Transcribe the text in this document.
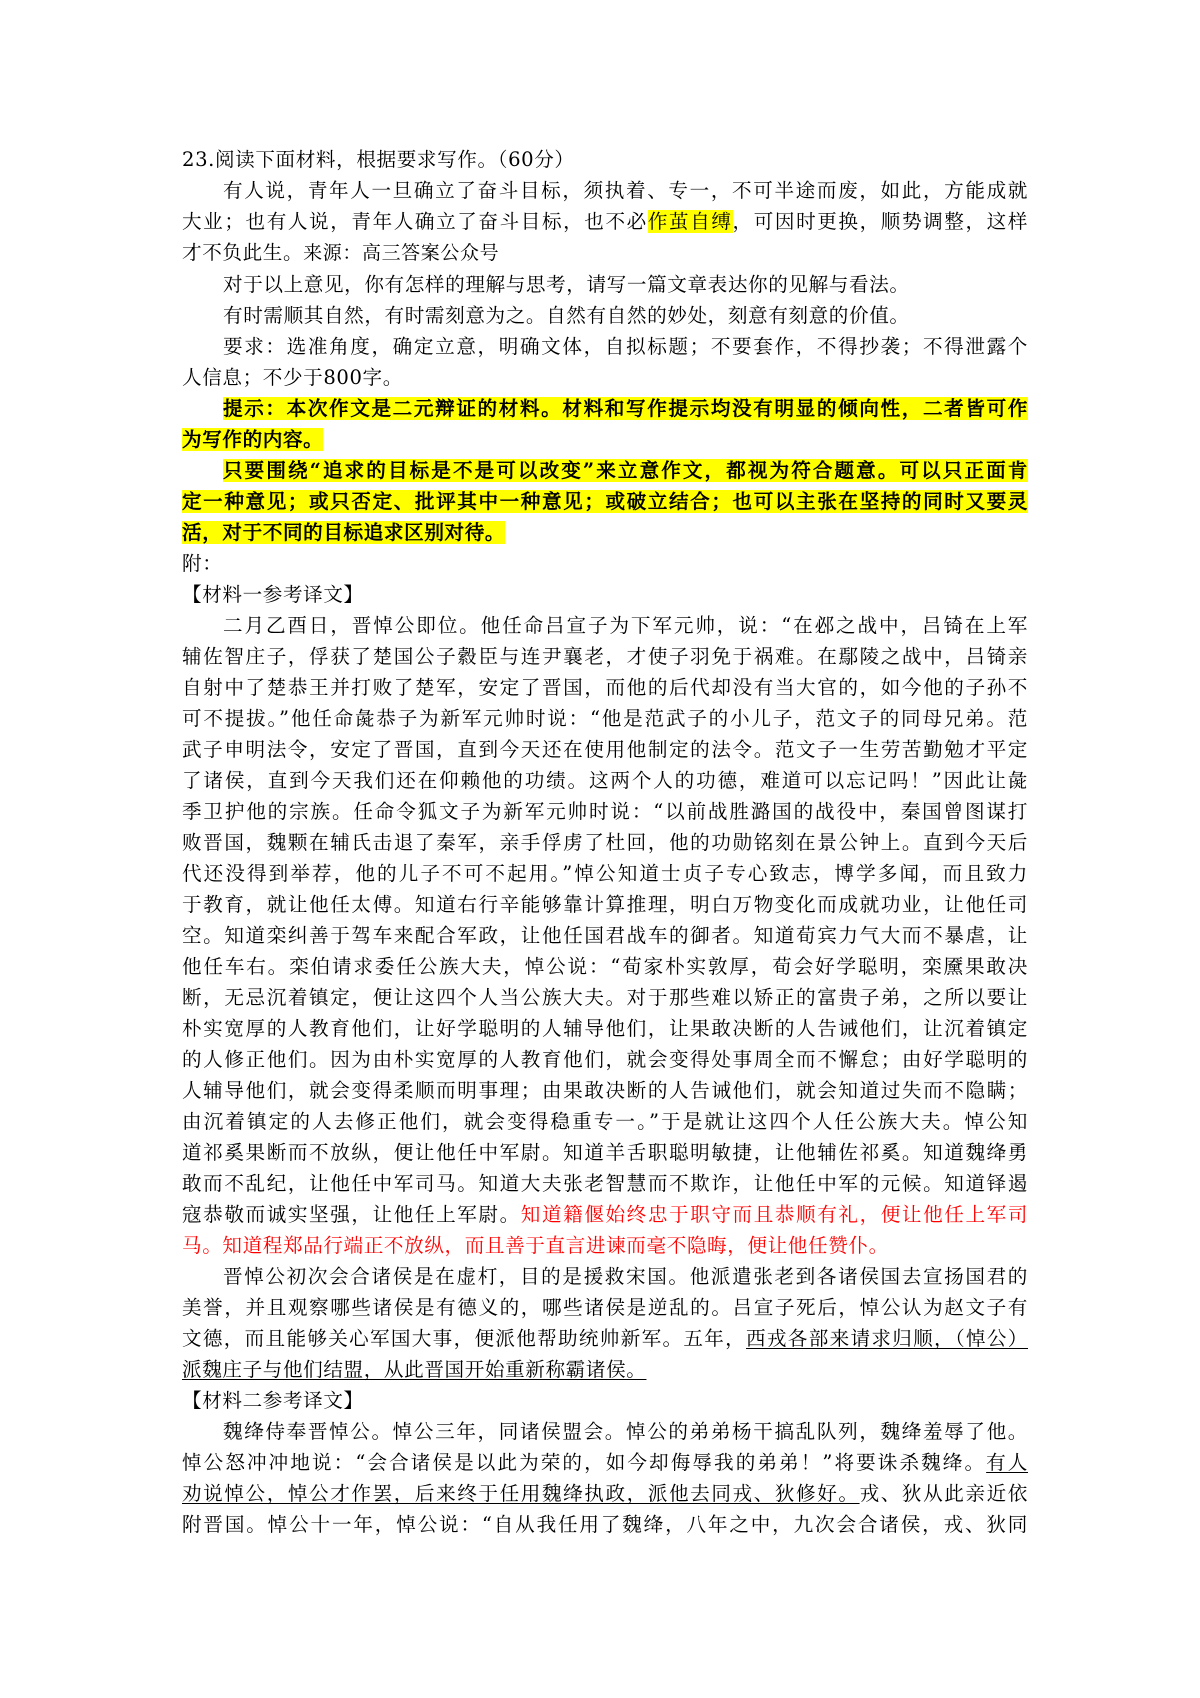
23.阅读下面材料，根据要求写作。（60分）

有人说，青年人一旦确立了奋斗目标，须执着、专一，不可半途而废，如此，方能成就

大业；也有人说，青年人确立了奋斗目标，也不必作茧自缚，可因时更换，顺势调整，这样

才不负此生。来源：高三答案公众号

对于以上意见，你有怎样的理解与思考，请写一篇文章表达你的见解与看法。

有时需顺其自然，有时需刻意为之。自然有自然的妙处，刻意有刻意的价值。

要求：选准角度，确定立意，明确文体，自拟标题；不要套作，不得抄袭；不得泄露个

人信息；不少于800字。

提示：本次作文是二元辩证的材料。材料和写作提示均没有明显的倾向性，二者皆可作

为写作的内容。

只要围绕“追求的目标是不是可以改变”来立意作文，都视为符合题意。可以只正面肯

定一种意见；或只否定、批评其中一种意见；或破立结合；也可以主张在坚持的同时又要灵

活，对于不同的目标追求区别对待。

附：

【材料一参考译文】

二月乙酉日，晋悼公即位。他任命吕宣子为下军元帅，说：“在邲之战中，吕锜在上军

辅佐智庄子，俘获了楚国公子縠臣与连尹襄老，才使子羽免于祸难。在鄢陵之战中，吕锜亲

自射中了楚恭王并打败了楚军，安定了晋国，而他的后代却没有当大官的，如今他的子孙不

可不提拔。”他任命彘恭子为新军元帅时说：“他是范武子的小儿子，范文子的同母兄弟。范

武子申明法令，安定了晋国，直到今天还在使用他制定的法令。范文子一生劳苦勤勉才平定

了诸侯，直到今天我们还在仰赖他的功绩。这两个人的功德，难道可以忘记吗！”因此让彘

季卫护他的宗族。任命令狐文子为新军元帅时说：“以前战胜潞国的战役中，秦国曾图谋打

败晋国，魏颗在辅氏击退了秦军，亲手俘虏了杜回，他的功勋铭刻在景公钟上。直到今天后

代还没得到举荐，他的儿子不可不起用。”悼公知道士贞子专心致志，博学多闻，而且致力

于教育，就让他任太傅。知道右行辛能够靠计算推理，明白万物变化而成就功业，让他任司

空。知道栾纠善于驾车来配合军政，让他任国君战车的御者。知道荀宾力气大而不暴虐，让

他任车右。栾伯请求委任公族大夫，悼公说：“荀家朴实敦厚，荀会好学聪明，栾黡果敢决

断，无忌沉着镇定，便让这四个人当公族大夫。对于那些难以矫正的富贵子弟，之所以要让

朴实宽厚的人教育他们，让好学聪明的人辅导他们，让果敢决断的人告诫他们，让沉着镇定

的人修正他们。因为由朴实宽厚的人教育他们，就会变得处事周全而不懈怠；由好学聪明的

人辅导他们，就会变得柔顺而明事理；由果敢决断的人告诫他们，就会知道过失而不隐瞒；

由沉着镇定的人去修正他们，就会变得稳重专一。”于是就让这四个人任公族大夫。悼公知

道祁奚果断而不放纵，便让他任中军尉。知道羊舌职聪明敏捷，让他辅佐祁奚。知道魏绛勇

敢而不乱纪，让他任中军司马。知道大夫张老智慧而不欺诈，让他任中军的元候。知道铎遏

寇恭敬而诚实坚强，让他任上军尉。知道籍偃始终忠于职守而且恭顺有礼，便让他任上军司

马。知道程郑品行端正不放纵，而且善于直言进谏而毫不隐晦，便让他任赞仆。

晋悼公初次会合诸侯是在虚朾，目的是援救宋国。他派遣张老到各诸侯国去宣扬国君的

美誉，并且观察哪些诸侯是有德义的，哪些诸侯是逆乱的。吕宣子死后，悼公认为赵文子有

文德，而且能够关心军国大事，便派他帮助统帅新军。五年，西戎各部来请求归顺，（悼公）

派魏庄子与他们结盟，从此晋国开始重新称霸诸侯。

【材料二参考译文】

魏绛侍奉晋悼公。悼公三年，同诸侯盟会。悼公的弟弟杨干搞乱队列，魏绛羞辱了他。

悼公怒冲冲地说：“会合诸侯是以此为荣的，如今却侮辱我的弟弟！”将要诛杀魏绛。有人

劝说悼公，悼公才作罢，后来终于任用魏绛执政，派他去同戎、狄修好。戎、狄从此亲近依

附晋国。悼公十一年，悼公说：“自从我任用了魏绛，八年之中，九次会合诸侯，戎、狄同
